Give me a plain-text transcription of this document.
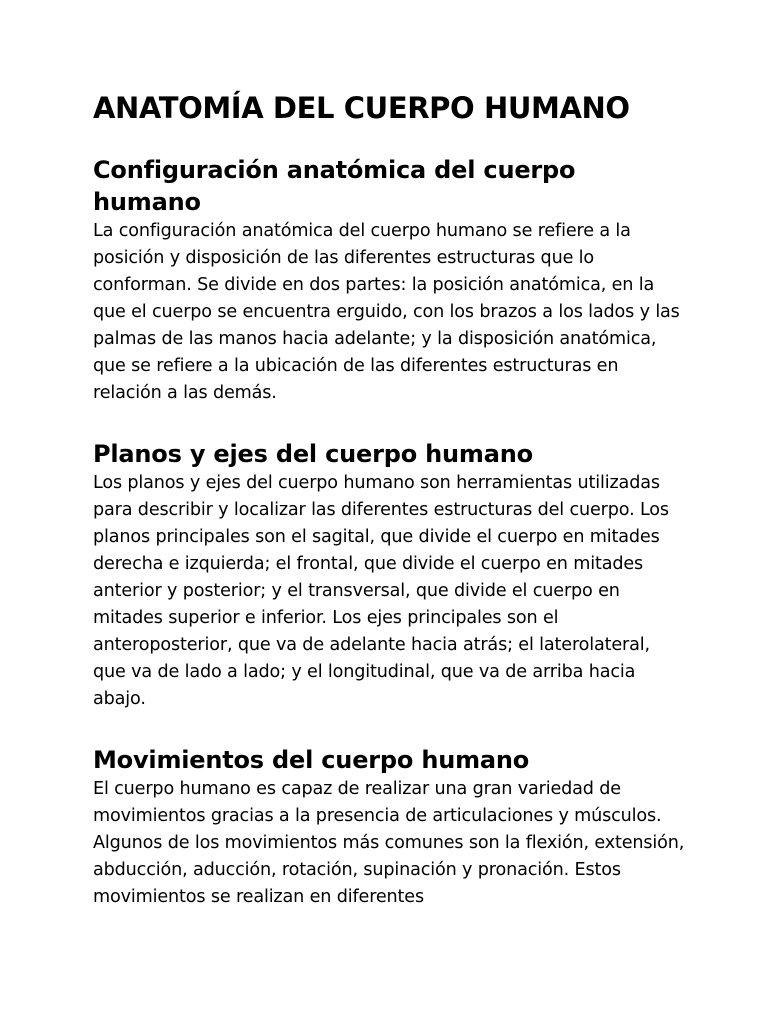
ANATOMÍA DEL CUERPO HUMANO
Configuración anatómica del cuerpo humano

La configuración anatómica del cuerpo humano se refiere a la posición y disposición de las diferentes estructuras que lo conforman. Se divide en dos partes: la posición anatómica, en la que el cuerpo se encuentra erguido, con los brazos a los lados y las palmas de las manos hacia adelante; y la disposición anatómica, que se refiere a la ubicación de las diferentes estructuras en relación a las demás.

Planos y ejes del cuerpo humano

Los planos y ejes del cuerpo humano son herramientas utilizadas para describir y localizar las diferentes estructuras del cuerpo. Los planos principales son el sagital, que divide el cuerpo en mitades derecha e izquierda; el frontal, que divide el cuerpo en mitades anterior y posterior; y el transversal, que divide el cuerpo en mitades superior e inferior. Los ejes principales son el anteroposterior, que va de adelante hacia atrás; el laterolateral, que va de lado a lado; y el longitudinal, que va de arriba hacia abajo.

Movimientos del cuerpo humano

El cuerpo humano es capaz de realizar una gran variedad de movimientos gracias a la presencia de articulaciones y músculos. Algunos de los movimientos más comunes son la flexión, extensión, abducción, aducción, rotación, supinación y pronación. Estos movimientos se realizan en diferentes
